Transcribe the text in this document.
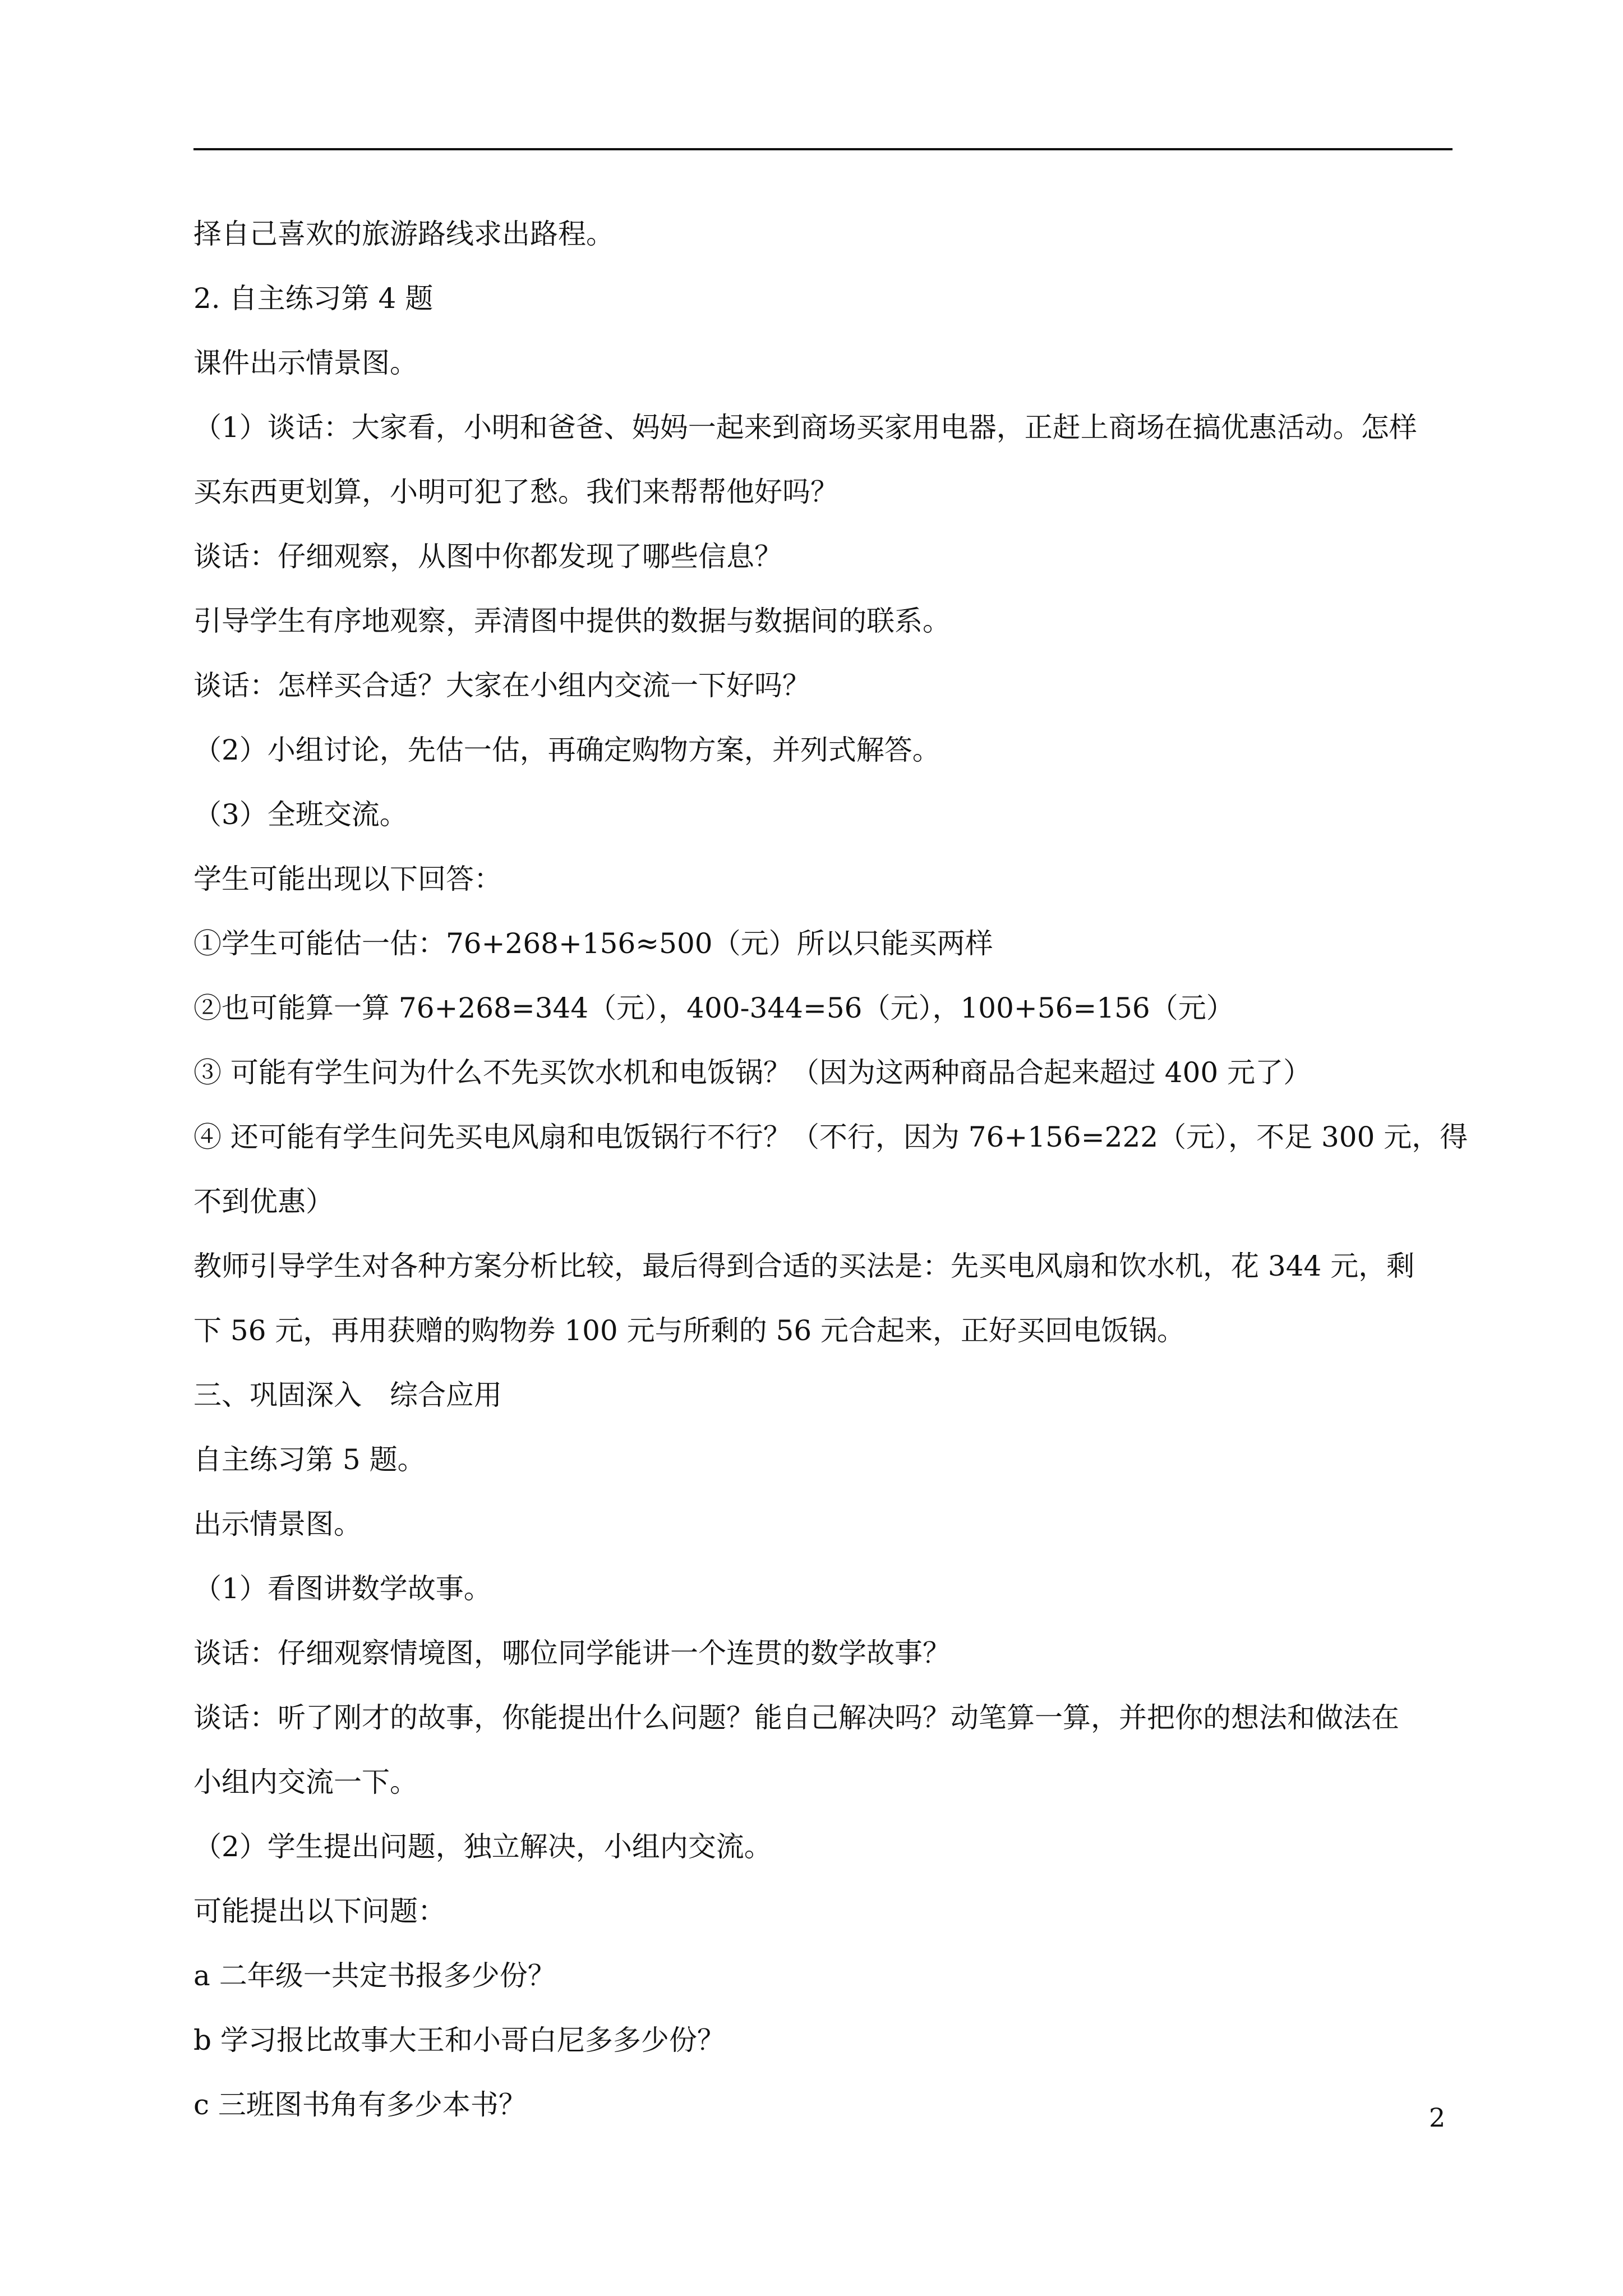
择自己喜欢的旅游路线求出路程。

2. 自主练习第 4 题

课件出示情景图。

（1）谈话：大家看，小明和爸爸、妈妈一起来到商场买家用电器，正赶上商场在搞优惠活动。怎样

买东西更划算，小明可犯了愁。我们来帮帮他好吗？

谈话：仔细观察，从图中你都发现了哪些信息？

引导学生有序地观察，弄清图中提供的数据与数据间的联系。

谈话：怎样买合适？大家在小组内交流一下好吗？

（2）小组讨论，先估一估，再确定购物方案，并列式解答。

（3）全班交流。

学生可能出现以下回答：

①学生可能估一估：76+268+156≈500（元）所以只能买两样

②也可能算一算 76+268=344（元），400-344=56（元），100+56=156（元）

③ 可能有学生问为什么不先买饮水机和电饭锅？（因为这两种商品合起来超过 400 元了）

④ 还可能有学生问先买电风扇和电饭锅行不行？（不行，因为 76+156=222（元），不足 300 元，得

不到优惠）

教师引导学生对各种方案分析比较，最后得到合适的买法是：先买电风扇和饮水机，花 344 元，剩

下 56 元，再用获赠的购物券 100 元与所剩的 56 元合起来，正好买回电饭锅。

三、巩固深入　综合应用

自主练习第 5 题。

出示情景图。

（1）看图讲数学故事。

谈话：仔细观察情境图，哪位同学能讲一个连贯的数学故事？

谈话：听了刚才的故事，你能提出什么问题？能自己解决吗？动笔算一算，并把你的想法和做法在

小组内交流一下。

（2）学生提出问题，独立解决，小组内交流。

可能提出以下问题：

a 二年级一共定书报多少份？

b 学习报比故事大王和小哥白尼多多少份？

c 三班图书角有多少本书？	2
